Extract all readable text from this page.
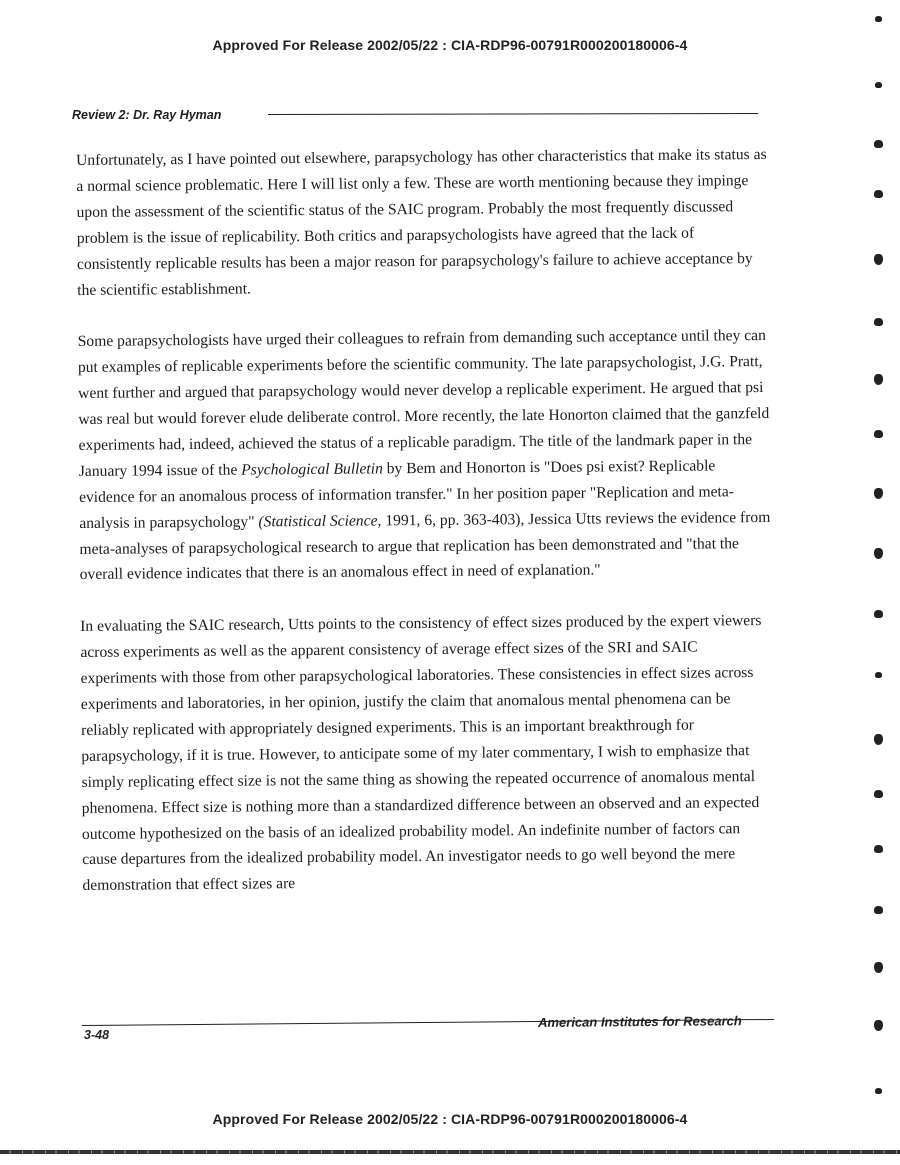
Approved For Release 2002/05/22 : CIA-RDP96-00791R000200180006-4
Review 2: Dr. Ray Hyman

Unfortunately, as I have pointed out elsewhere, parapsychology has other characteristics that make its status as a normal science problematic. Here I will list only a few. These are worth mentioning because they impinge upon the assessment of the scientific status of the SAIC program. Probably the most frequently discussed problem is the issue of replicability. Both critics and parapsychologists have agreed that the lack of consistently replicable results has been a major reason for parapsychology's failure to achieve acceptance by the scientific establishment.

Some parapsychologists have urged their colleagues to refrain from demanding such acceptance until they can put examples of replicable experiments before the scientific community. The late parapsychologist, J.G. Pratt, went further and argued that parapsychology would never develop a replicable experiment. He argued that psi was real but would forever elude deliberate control. More recently, the late Honorton claimed that the ganzfeld experiments had, indeed, achieved the status of a replicable paradigm. The title of the landmark paper in the January 1994 issue of the Psychological Bulletin by Bem and Honorton is "Does psi exist? Replicable evidence for an anomalous process of information transfer." In her position paper "Replication and meta-analysis in parapsychology" (Statistical Science, 1991, 6, pp. 363-403), Jessica Utts reviews the evidence from meta-analyses of parapsychological research to argue that replication has been demonstrated and "that the overall evidence indicates that there is an anomalous effect in need of explanation."

In evaluating the SAIC research, Utts points to the consistency of effect sizes produced by the expert viewers across experiments as well as the apparent consistency of average effect sizes of the SRI and SAIC experiments with those from other parapsychological laboratories. These consistencies in effect sizes across experiments and laboratories, in her opinion, justify the claim that anomalous mental phenomena can be reliably replicated with appropriately designed experiments. This is an important breakthrough for parapsychology, if it is true. However, to anticipate some of my later commentary, I wish to emphasize that simply replicating effect size is not the same thing as showing the repeated occurrence of anomalous mental phenomena. Effect size is nothing more than a standardized difference between an observed and an expected outcome hypothesized on the basis of an idealized probability model. An indefinite number of factors can cause departures from the idealized probability model. An investigator needs to go well beyond the mere demonstration that effect sizes are

3-48
American Institutes for Research
Approved For Release 2002/05/22 : CIA-RDP96-00791R000200180006-4
